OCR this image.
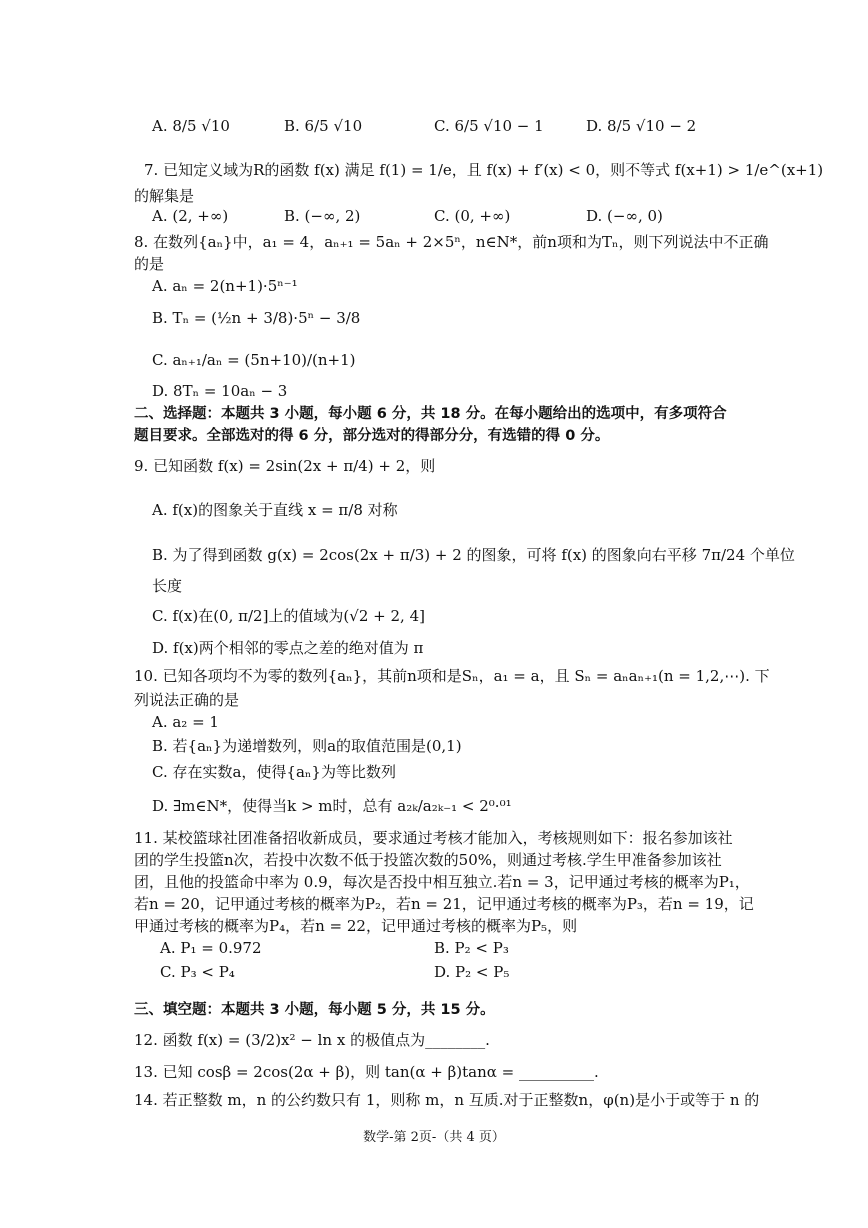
A. 8/5 √10	B. 6/5 √10	C. 6/5 √10 − 1	D. 8/5 √10 − 2
7. 已知定义域为R的函数 f(x) 满足 f(1) = 1/e，且 f(x) + f′(x) < 0，则不等式 f(x+1) > 1/e^(x+1)
的解集是
A. (2, +∞)	B. (−∞, 2)	C. (0, +∞)	D. (−∞, 0)
8. 在数列{aₙ}中，a₁ = 4，aₙ₊₁ = 5aₙ + 2×5ⁿ，n∈N*，前n项和为Tₙ，则下列说法中不正确
的是
A. aₙ = 2(n+1)·5ⁿ⁻¹
B. Tₙ = (½n + 3/8)·5ⁿ − 3/8
C. aₙ₊₁/aₙ = (5n+10)/(n+1)
D. 8Tₙ = 10aₙ − 3
二、选择题：本题共 3 小题，每小题 6 分，共 18 分。在每小题给出的选项中，有多项符合
题目要求。全部选对的得 6 分，部分选对的得部分分，有选错的得 0 分。
9. 已知函数 f(x) = 2sin(2x + π/4) + 2，则
A. f(x)的图象关于直线 x = π/8 对称
B. 为了得到函数 g(x) = 2cos(2x + π/3) + 2 的图象，可将 f(x) 的图象向右平移 7π/24 个单位
长度
C. f(x)在(0, π/2]上的值域为(√2 + 2, 4]
D. f(x)两个相邻的零点之差的绝对值为 π
10. 已知各项均不为零的数列{aₙ}，其前n项和是Sₙ，a₁ = a，且 Sₙ = aₙaₙ₊₁(n = 1,2,⋯). 下
列说法正确的是
A. a₂ = 1
B. 若{aₙ}为递增数列，则a的取值范围是(0,1)
C. 存在实数a，使得{aₙ}为等比数列
D. ∃m∈N*，使得当k > m时，总有 a₂ₖ/a₂ₖ₋₁ < 2⁰·⁰¹
11. 某校篮球社团准备招收新成员，要求通过考核才能加入，考核规则如下：报名参加该社
团的学生投篮n次，若投中次数不低于投篮次数的50%，则通过考核.学生甲准备参加该社
团，且他的投篮命中率为 0.9，每次是否投中相互独立.若n = 3，记甲通过考核的概率为P₁，
若n = 20，记甲通过考核的概率为P₂，若n = 21，记甲通过考核的概率为P₃，若n = 19，记
甲通过考核的概率为P₄，若n = 22，记甲通过考核的概率为P₅，则
A. P₁ = 0.972	B. P₂ < P₃
C. P₃ < P₄	D. P₂ < P₅
三、填空题：本题共 3 小题，每小题 5 分，共 15 分。
12. 函数 f(x) = (3/2)x² − ln x 的极值点为________.
13. 已知 cosβ = 2cos(2α + β)，则 tan(α + β)tanα = __________.
14. 若正整数 m，n 的公约数只有 1，则称 m，n 互质.对于正整数n，φ(n)是小于或等于 n 的
数学-第 2页-（共 4 页）
